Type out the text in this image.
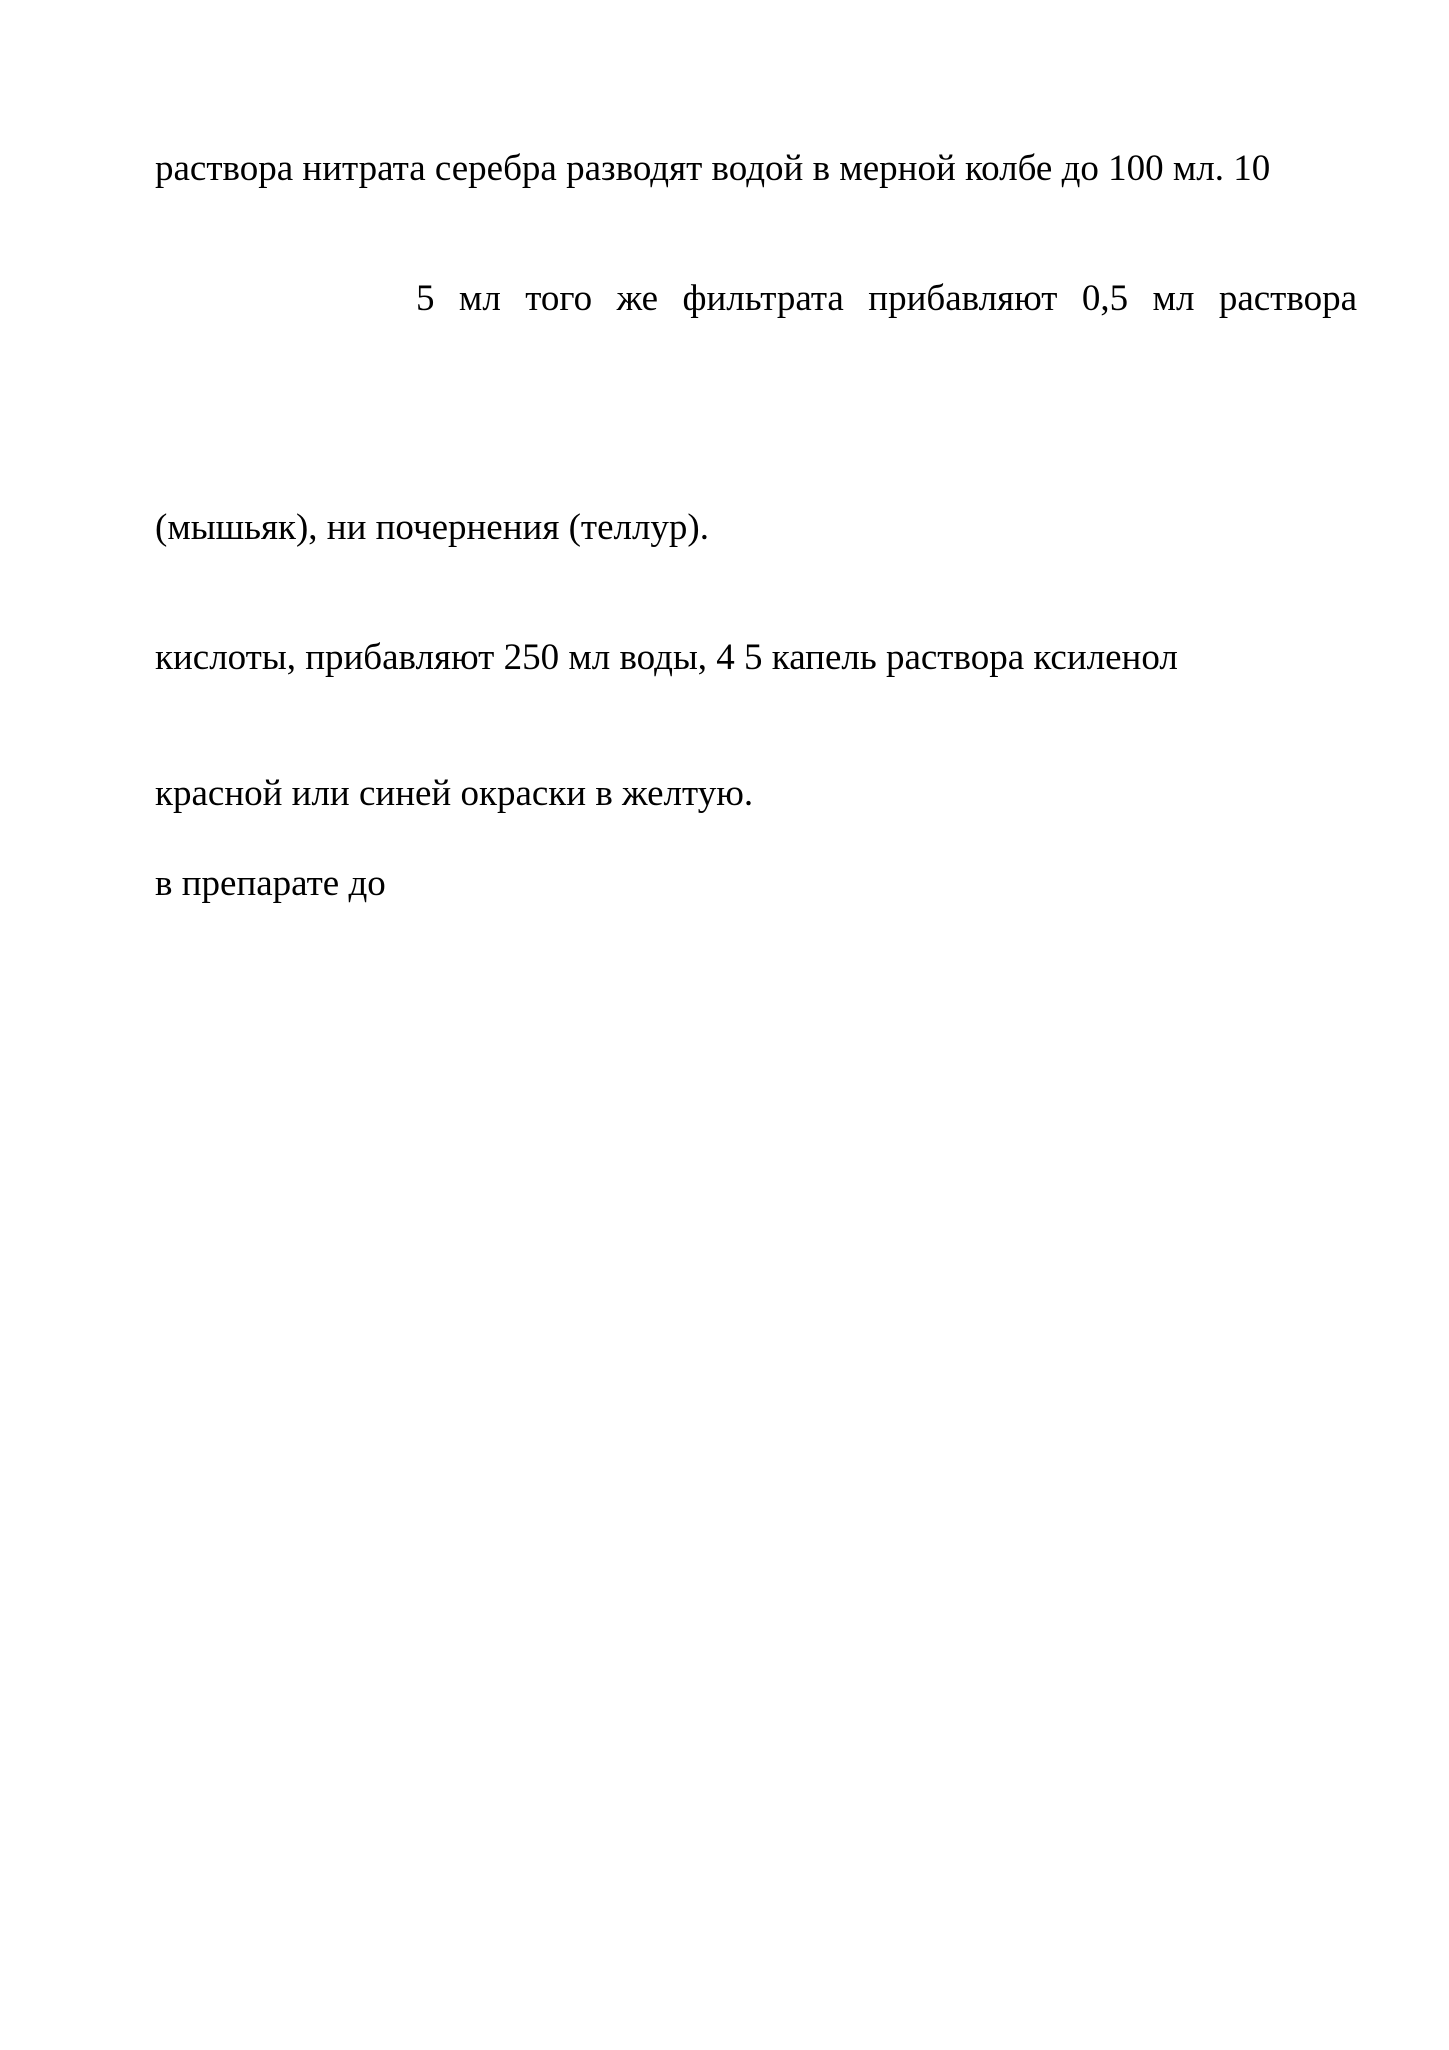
раствора нитрата серебра разводят водой в мерной колбе до 100 мл. 10
5 мл того же фильтрата прибавляют 0,5 мл раствора
(мышьяк), ни почернения (теллур).
кислоты, прибавляют 250 мл воды, 4 5 капель раствора ксиленол
красной или синей окраски в желтую.
в препарате до
